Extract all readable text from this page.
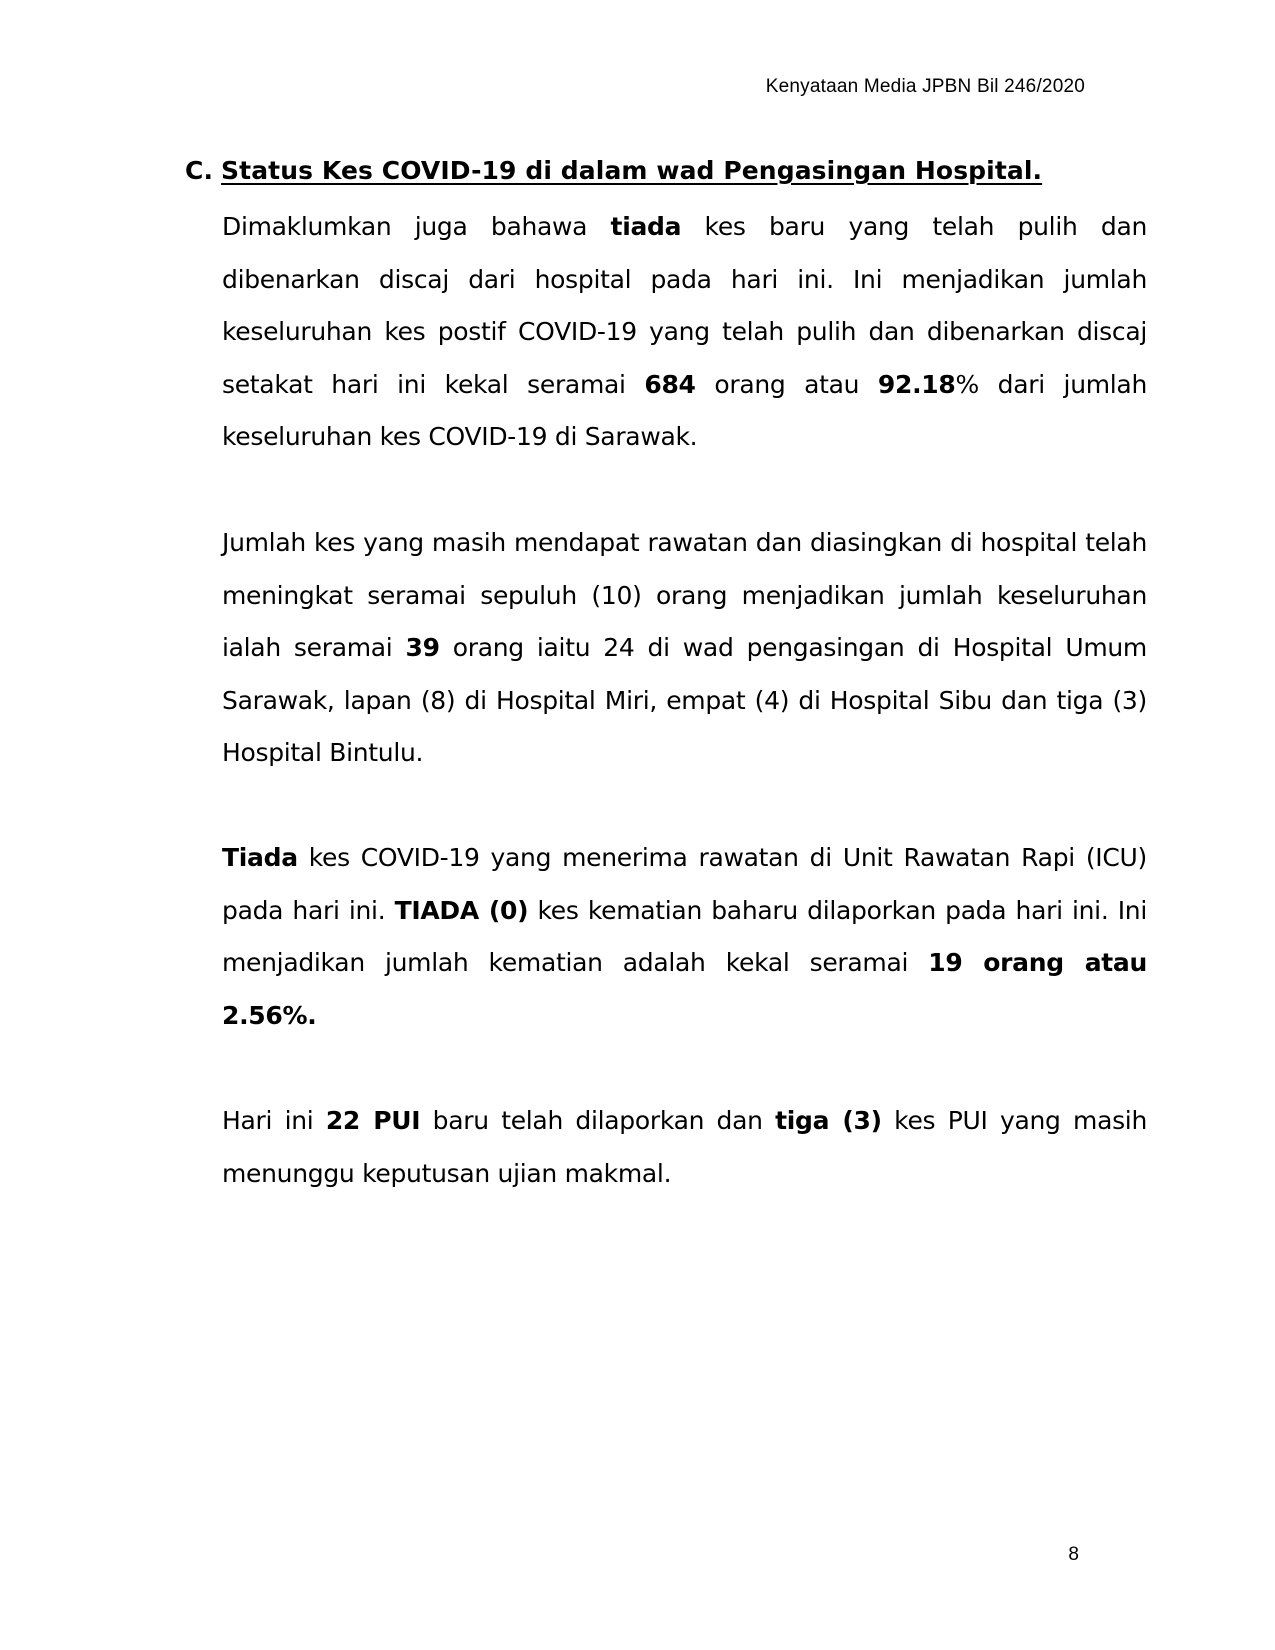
Kenyataan Media JPBN Bil 246/2020
C. Status Kes COVID-19 di dalam wad Pengasingan Hospital.

Dimaklumkan juga bahawa tiada kes baru yang telah pulih dan dibenarkan discaj dari hospital pada hari ini. Ini menjadikan jumlah keseluruhan kes postif COVID-19 yang telah pulih dan dibenarkan discaj setakat hari ini kekal seramai 684 orang atau 92.18% dari jumlah keseluruhan kes COVID-19 di Sarawak.

Jumlah kes yang masih mendapat rawatan dan diasingkan di hospital telah meningkat seramai sepuluh (10) orang menjadikan jumlah keseluruhan ialah seramai 39 orang iaitu 24 di wad pengasingan di Hospital Umum Sarawak, lapan (8) di Hospital Miri, empat (4) di Hospital Sibu dan tiga (3) Hospital Bintulu.

Tiada kes COVID-19 yang menerima rawatan di Unit Rawatan Rapi (ICU) pada hari ini. TIADA (0) kes kematian baharu dilaporkan pada hari ini. Ini menjadikan jumlah kematian adalah kekal seramai 19 orang atau 2.56%.

Hari ini 22 PUI baru telah dilaporkan dan tiga (3) kes PUI yang masih menunggu keputusan ujian makmal.

8
